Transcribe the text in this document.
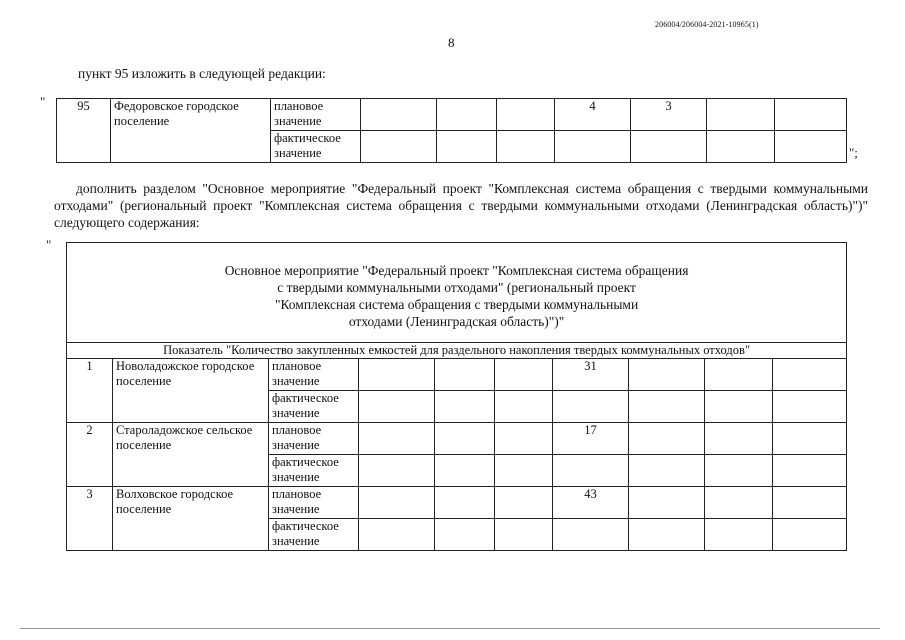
206004/206004-2021-10965(1)
8
пункт 95 изложить в следующей редакции:
"	95	Федоровское городское поселение	плановое значение				4	3		
		фактическое значение								";
дополнить разделом "Основное мероприятие "Федеральный проект "Комплексная система обращения с твердыми коммунальными отходами" (региональный проект "Комплексная система обращения с твердыми коммунальными отходами (Ленинградская область)")" следующего содержания:
"
Основное мероприятие "Федеральный проект "Комплексная система обращения
с твердыми коммунальными отходами" (региональный проект
"Комплексная система обращения с твердыми коммунальными
отходами (Ленинградская область)")"									

Показатель "Количество закупленных емкостей для раздельного накопления твердых коммунальных отходов"									
1	Новоладожское городское поселение	плановое значение				31			
		фактическое значение							
2	Староладожское сельское поселение	плановое значение				17			
		фактическое значение							
3	Волховское городское поселение	плановое значение				43			
		фактическое значение							
